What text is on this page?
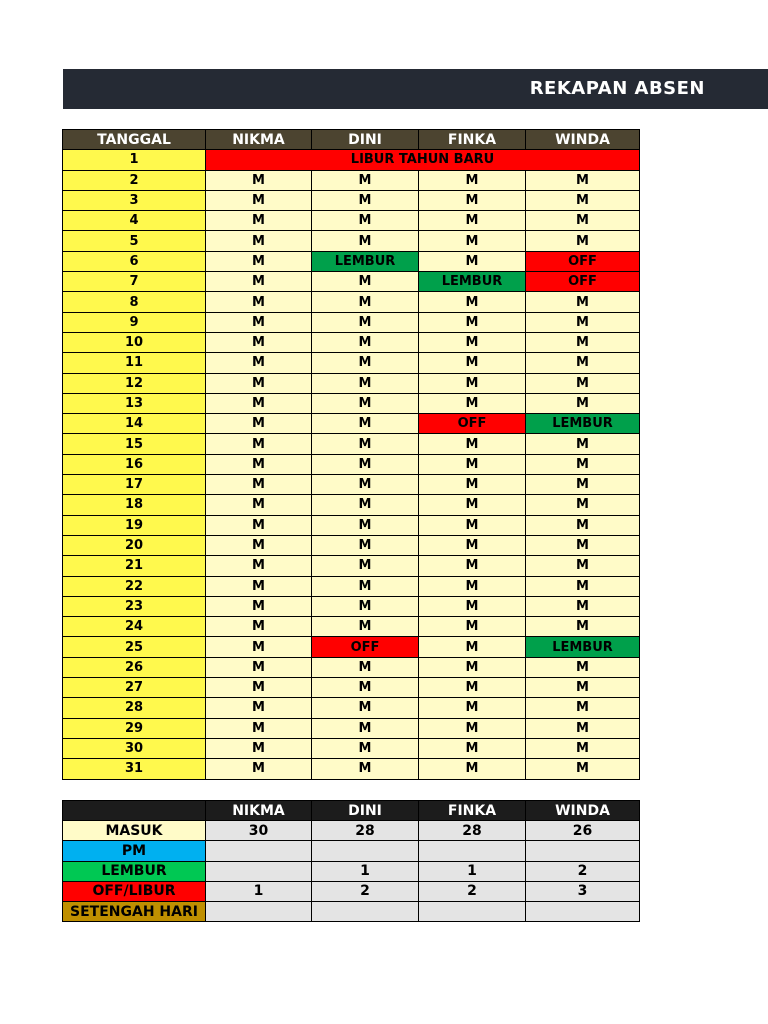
REKAPAN ABSEN
TANGGAL	NIKMA	DINI	FINKA	WINDA
1	LIBUR TAHUN BARU			
2	M	M	M	M
3	M	M	M	M
4	M	M	M	M
5	M	M	M	M
6	M	LEMBUR	M	OFF
7	M	M	LEMBUR	OFF
8	M	M	M	M
9	M	M	M	M
10	M	M	M	M
11	M	M	M	M
12	M	M	M	M
13	M	M	M	M
14	M	M	OFF	LEMBUR
15	M	M	M	M
16	M	M	M	M
17	M	M	M	M
18	M	M	M	M
19	M	M	M	M
20	M	M	M	M
21	M	M	M	M
22	M	M	M	M
23	M	M	M	M
24	M	M	M	M
25	M	OFF	M	LEMBUR
26	M	M	M	M
27	M	M	M	M
28	M	M	M	M
29	M	M	M	M
30	M	M	M	M
31	M	M	M	M
	NIKMA	DINI	FINKA	WINDA
MASUK	30	28	28	26
PM				
LEMBUR		1	1	2
OFF/LIBUR	1	2	2	3
SETENGAH HARI				
